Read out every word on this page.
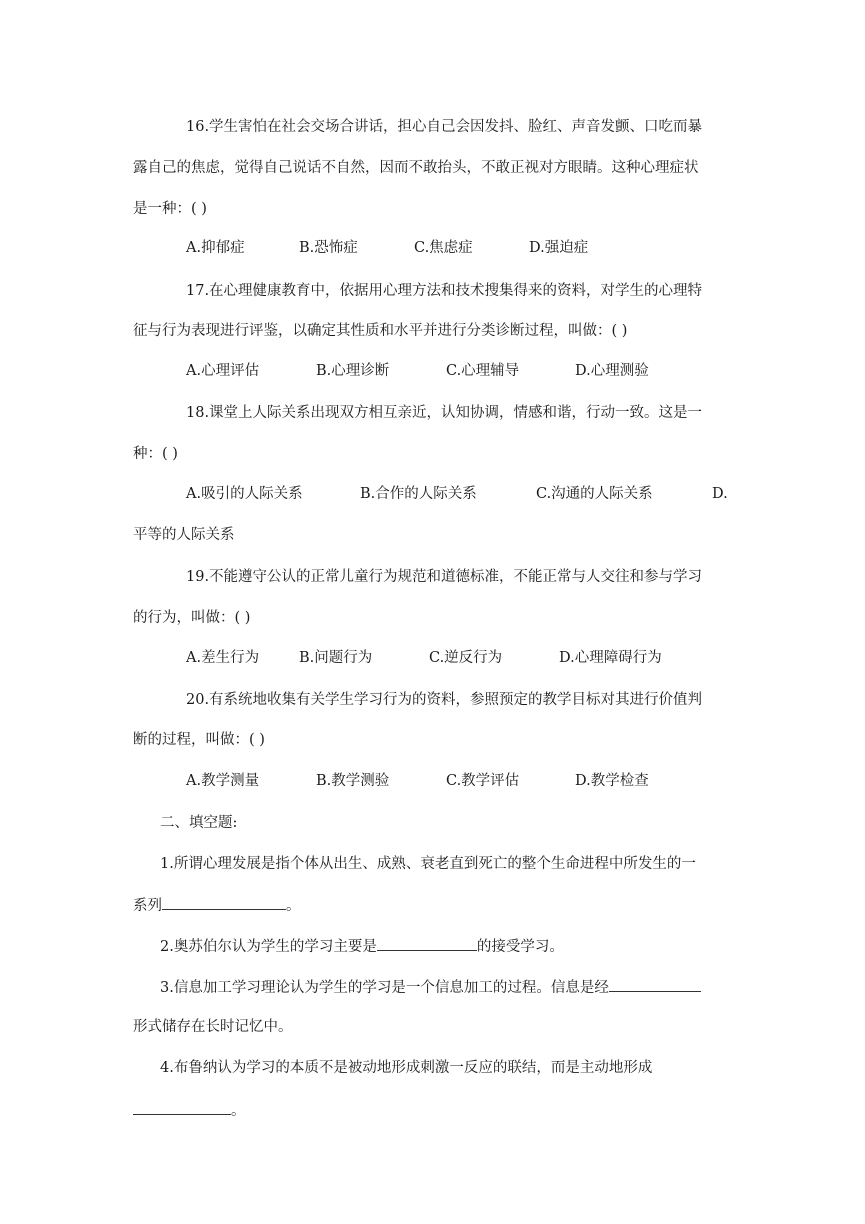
16.学生害怕在社会交场合讲话，担心自己会因发抖、脸红、声音发颤、口吃而暴
露自己的焦虑，觉得自己说话不自然，因而不敢抬头，不敢正视对方眼睛。这种心理症状
是一种：( )
A.抑郁症	B.恐怖症	C.焦虑症	D.强迫症
17.在心理健康教育中，依据用心理方法和技术搜集得来的资料，对学生的心理特
征与行为表现进行评鉴，以确定其性质和水平并进行分类诊断过程，叫做：( )
A.心理评估	B.心理诊断	C.心理辅导	D.心理测验
18.课堂上人际关系出现双方相互亲近，认知协调，情感和谐，行动一致。这是一
种：( )
A.吸引的人际关系	B.合作的人际关系	C.沟通的人际关系	D.
平等的人际关系
19.不能遵守公认的正常儿童行为规范和道德标准，不能正常与人交往和参与学习
的行为，叫做：( )
A.差生行为	B.问题行为	C.逆反行为	D.心理障碍行为
20.有系统地收集有关学生学习行为的资料，参照预定的教学目标对其进行价值判
断的过程，叫做：( )
A.教学测量	B.教学测验	C.教学评估	D.教学检查
二、填空题:
1.所谓心理发展是指个体从出生、成熟、衰老直到死亡的整个生命进程中所发生的一
系列	。
2.奥苏伯尔认为学生的学习主要是	的接受学习。
3.信息加工学习理论认为学生的学习是一个信息加工的过程。信息是经
形式储存在长时记忆中。
4.布鲁纳认为学习的本质不是被动地形成刺激一反应的联结，而是主动地形成
。
